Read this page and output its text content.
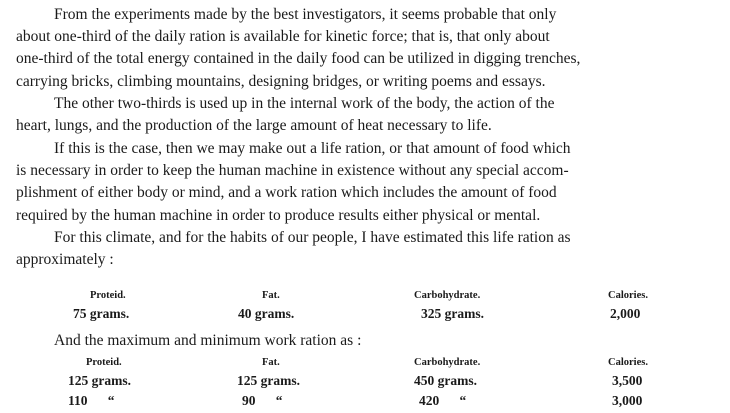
From the experiments made by the best investigators, it seems probable that only
about one-third of the daily ration is available for kinetic force; that is, that only about
one-third of the total energy contained in the daily food can be utilized in digging trenches,
carrying bricks, climbing mountains, designing bridges, or writing poems and essays.
The other two-thirds is used up in the internal work of the body, the action of the
heart, lungs, and the production of the large amount of heat necessary to life.
If this is the case, then we may make out a life ration, or that amount of food which
is necessary in order to keep the human machine in existence without any special accom-
plishment of either body or mind, and a work ration which includes the amount of food
required by the human machine in order to produce results either physical or mental.
For this climate, and for the habits of our people, I have estimated this life ration as
approximately :
Proteid.	Fat.	Carbohydrate.	Calories.
75 grams.	40 grams.	325 grams.	2,000
And the maximum and minimum work ration as :
Proteid.	Fat.	Carbohydrate.	Calories.
125 grams.	125 grams.	450 grams.	3,500
110      “	90      “	420      “	3,000
